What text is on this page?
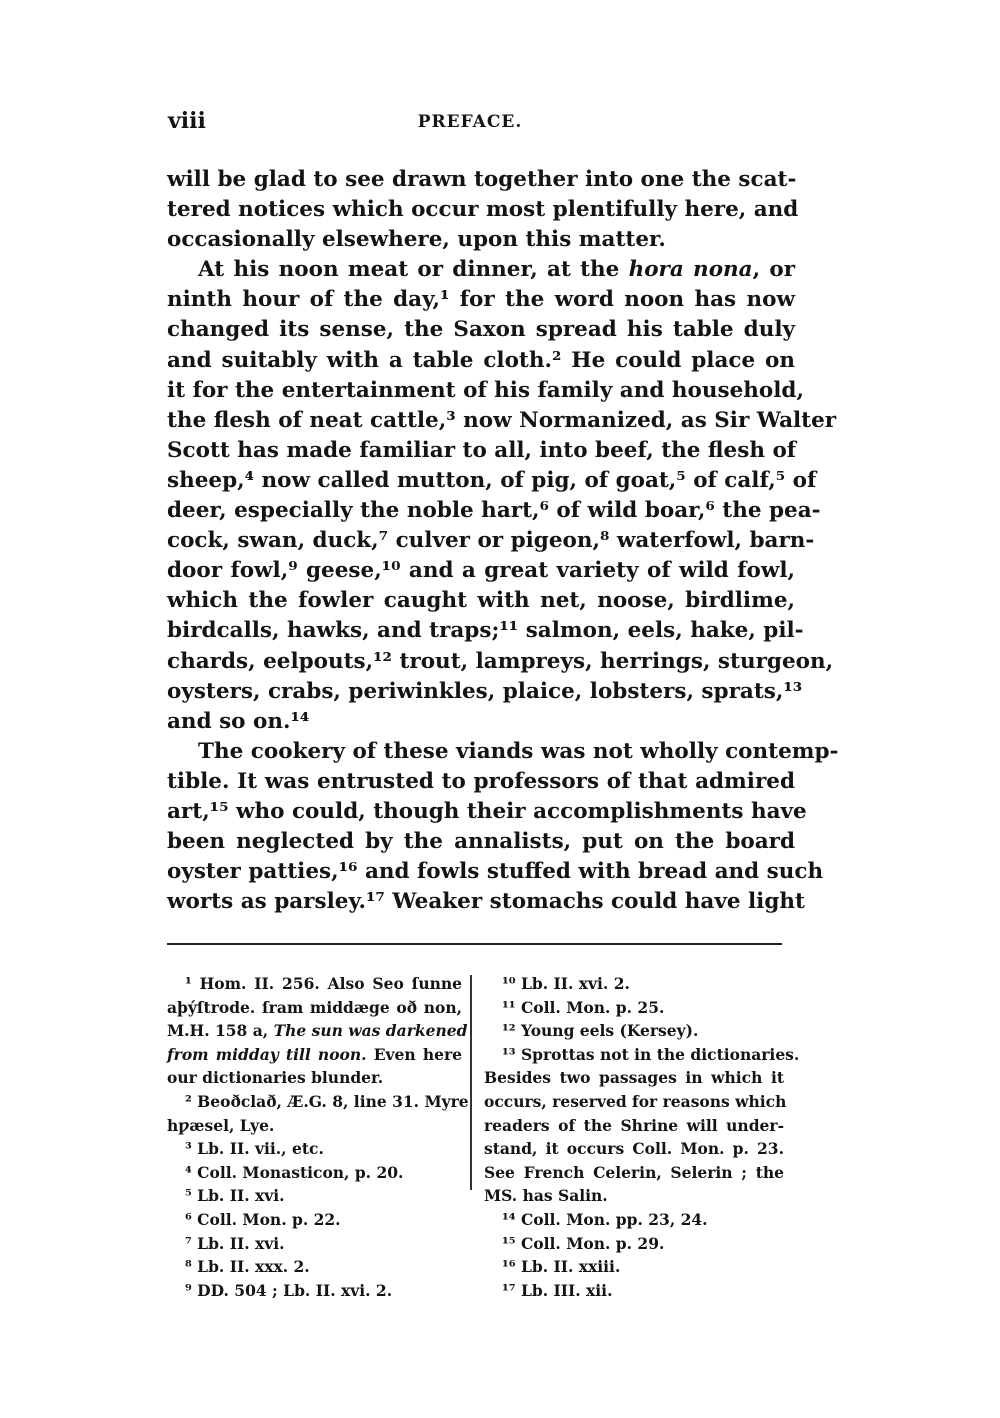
viii	PREFACE.
will be glad to see drawn together into one the scat-
tered notices which occur most plentifully here, and
occasionally elsewhere, upon this matter.
At his noon meat or dinner, at the hora nona, or
ninth hour of the day,¹ for the word noon has now
changed its sense, the Saxon spread his table duly
and suitably with a table cloth.² He could place on
it for the entertainment of his family and household,
the flesh of neat cattle,³ now Normanized, as Sir Walter
Scott has made familiar to all, into beef, the flesh of
sheep,⁴ now called mutton, of pig, of goat,⁵ of calf,⁵ of
deer, especially the noble hart,⁶ of wild boar,⁶ the pea-
cock, swan, duck,⁷ culver or pigeon,⁸ waterfowl, barn-
door fowl,⁹ geese,¹⁰ and a great variety of wild fowl,
which the fowler caught with net, noose, birdlime,
birdcalls, hawks, and traps;¹¹ salmon, eels, hake, pil-
chards, eelpouts,¹² trout, lampreys, herrings, sturgeon,
oysters, crabs, periwinkles, plaice, lobsters, sprats,¹³
and so on.¹⁴
The cookery of these viands was not wholly contemp-
tible. It was entrusted to professors of that admired
art,¹⁵ who could, though their accomplishments have
been neglected by the annalists, put on the board
oyster patties,¹⁶ and fowls stuffed with bread and such
worts as parsley.¹⁷ Weaker stomachs could have light
¹ Hom. II. 256. Also Seo ſunne
aþýſtrode. ſram middæge oð non,
M.H. 158 a, The sun was darkened
from midday till noon. Even here
our dictionaries blunder.
² Beoðclað, Æ.G. 8, line 31. Myre
hƿæsel, Lye.
³ Lb. II. vii., etc.
⁴ Coll. Monasticon, p. 20.
⁵ Lb. II. xvi.
⁶ Coll. Mon. p. 22.
⁷ Lb. II. xvi.
⁸ Lb. II. xxx. 2.
⁹ DD. 504 ; Lb. II. xvi. 2.
¹⁰ Lb. II. xvi. 2.
¹¹ Coll. Mon. p. 25.
¹² Young eels (Kersey).
¹³ Sprottas not in the dictionaries.
Besides two passages in which it
occurs, reserved for reasons which
readers of the Shrine will under-
stand, it occurs Coll. Mon. p. 23.
See French Celerin, Selerin ; the
MS. has Salin.
¹⁴ Coll. Mon. pp. 23, 24.
¹⁵ Coll. Mon. p. 29.
¹⁶ Lb. II. xxiii.
¹⁷ Lb. III. xii.
